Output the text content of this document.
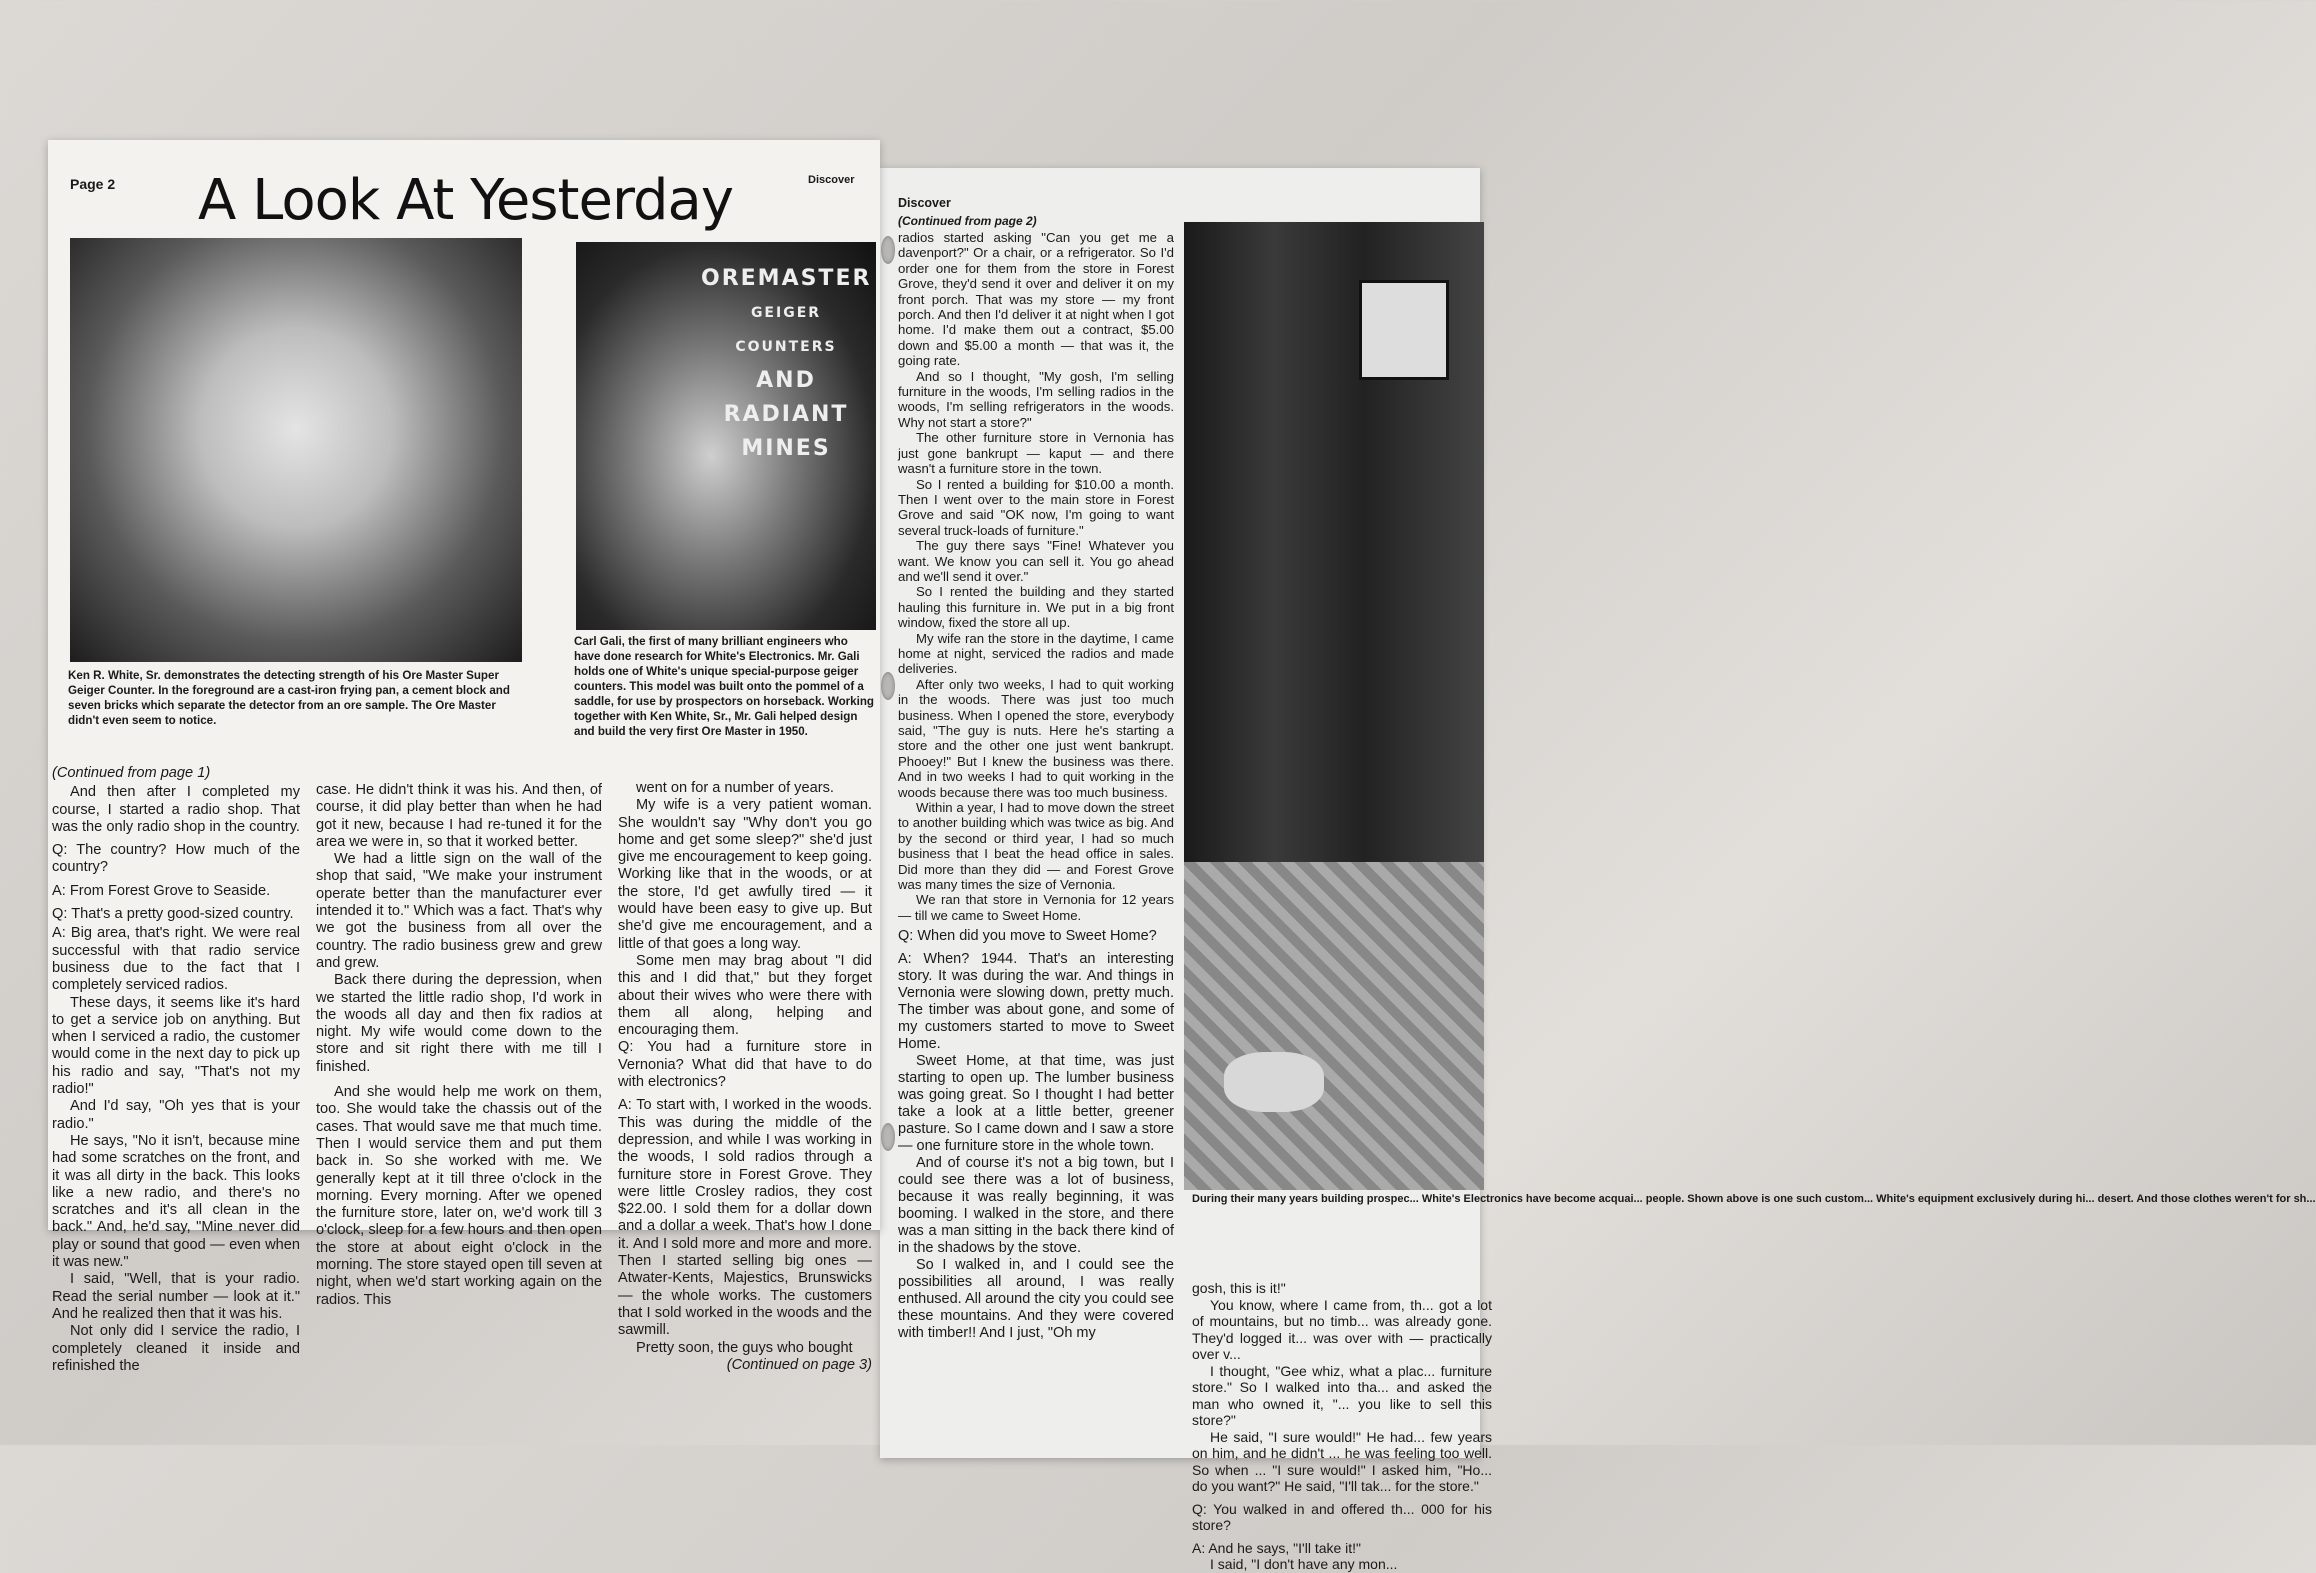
Page 2	Discover
A Look At Yesterday
OREMASTER
GEIGER COUNTERS
AND
RADIANT
MINES
Ken R. White, Sr. demonstrates the detecting strength of his Ore Master Super Geiger Counter. In the foreground are a cast-iron frying pan, a cement block and seven bricks which separate the detector from an ore sample. The Ore Master didn't even seem to notice.
Carl Gali, the first of many brilliant engineers who have done research for White's Electronics. Mr. Gali holds one of White's unique special-purpose geiger counters. This model was built onto the pommel of a saddle, for use by prospectors on horseback. Working together with Ken White, Sr., Mr. Gali helped design and build the very first Ore Master in 1950.
(Continued from page 1)

And then after I completed my course, I started a radio shop. That was the only radio shop in the country.

Q: The country? How much of the country?

A: From Forest Grove to Seaside.

Q: That's a pretty good-sized country.

A: Big area, that's right. We were real successful with that radio service business due to the fact that I completely serviced radios.

These days, it seems like it's hard to get a service job on anything. But when I serviced a radio, the customer would come in the next day to pick up his radio and say, "That's not my radio!"

And I'd say, "Oh yes that is your radio."

He says, "No it isn't, because mine had some scratches on the front, and it was all dirty in the back. This looks like a new radio, and there's no scratches and it's all clean in the back." And, he'd say, "Mine never did play or sound that good — even when it was new."

I said, "Well, that is your radio. Read the serial number — look at it." And he realized then that it was his.

Not only did I service the radio, I completely cleaned it inside and refinished the

case. He didn't think it was his. And then, of course, it did play better than when he had got it new, because I had re-tuned it for the area we were in, so that it worked better.

We had a little sign on the wall of the shop that said, "We make your instrument operate better than the manufacturer ever intended it to." Which was a fact. That's why we got the business from all over the country. The radio business grew and grew and grew.

Back there during the depression, when we started the little radio shop, I'd work in the woods all day and then fix radios at night. My wife would come down to the store and sit right there with me till I finished.

And she would help me work on them, too. She would take the chassis out of the cases. That would save me that much time. Then I would service them and put them back in. So she worked with me. We generally kept at it till three o'clock in the morning. Every morning. After we opened the furniture store, later on, we'd work till 3 o'clock, sleep for a few hours and then open the store at about eight o'clock in the morning. The store stayed open till seven at night, when we'd start working again on the radios. This

went on for a number of years.

My wife is a very patient woman. She wouldn't say "Why don't you go home and get some sleep?" she'd just give me encouragement to keep going. Working like that in the woods, or at the store, I'd get awfully tired — it would have been easy to give up. But she'd give me encouragement, and a little of that goes a long way.

Some men may brag about "I did this and I did that," but they forget about their wives who were there with them all along, helping and encouraging them.

Q: You had a furniture store in Vernonia? What did that have to do with electronics?

A: To start with, I worked in the woods. This was during the middle of the depression, and while I was working in the woods, I sold radios through a furniture store in Forest Grove. They were little Crosley radios, they cost $22.00. I sold them for a dollar down and a dollar a week. That's how I done it. And I sold more and more and more. Then I started selling big ones — Atwater-Kents, Majestics, Brunswicks — the whole works. The customers that I sold worked in the woods and the sawmill.

Pretty soon, the guys who bought

(Continued on page 3)
Discover
(Continued from page 2)

radios started asking "Can you get me a davenport?" Or a chair, or a refrigerator. So I'd order one for them from the store in Forest Grove, they'd send it over and deliver it on my front porch. That was my store — my front porch. And then I'd deliver it at night when I got home. I'd make them out a contract, $5.00 down and $5.00 a month — that was it, the going rate.

And so I thought, "My gosh, I'm selling furniture in the woods, I'm selling radios in the woods, I'm selling refrigerators in the woods. Why not start a store?"

The other furniture store in Vernonia has just gone bankrupt — kaput — and there wasn't a furniture store in the town.

So I rented a building for $10.00 a month. Then I went over to the main store in Forest Grove and said "OK now, I'm going to want several truck-loads of furniture."

The guy there says "Fine! Whatever you want. We know you can sell it. You go ahead and we'll send it over."

So I rented the building and they started hauling this furniture in. We put in a big front window, fixed the store all up.

My wife ran the store in the daytime, I came home at night, serviced the radios and made deliveries.

After only two weeks, I had to quit working in the woods. There was just too much business. When I opened the store, everybody said, "The guy is nuts. Here he's starting a store and the other one just went bankrupt. Phooey!" But I knew the business was there. And in two weeks I had to quit working in the woods because there was too much business.

Within a year, I had to move down the street to another building which was twice as big. And by the second or third year, I had so much business that I beat the head office in sales. Did more than they did — and Forest Grove was many times the size of Vernonia.

We ran that store in Vernonia for 12 years — till we came to Sweet Home.

Q: When did you move to Sweet Home?

A: When? 1944. That's an interesting story. It was during the war. And things in Vernonia were slowing down, pretty much. The timber was about gone, and some of my customers started to move to Sweet Home.

Sweet Home, at that time, was just starting to open up. The lumber business was going great. So I thought I had better take a look at a little better, greener pasture. So I came down and I saw a store — one furniture store in the whole town.

And of course it's not a big town, but I could see there was a lot of business, because it was really beginning, it was booming. I walked in the store, and there was a man sitting in the back there kind of in the shadows by the stove.

So I walked in, and I could see the possibilities all around, I was really enthused. All around the city you could see these mountains. And they were covered with timber!! And I just, "Oh my

During their many years building prospec... White's Electronics have become acquai... people. Shown above is one such custom... White's equipment exclusively during hi... desert. And those clothes weren't for sh...

gosh, this is it!"

You know, where I came from, th... got a lot of mountains, but no timb... was already gone. They'd logged it... was over with — practically over v...

I thought, "Gee whiz, what a plac... furniture store." So I walked into tha... and asked the man who owned it, "... you like to sell this store?"

He said, "I sure would!" He had... few years on him, and he didn't ... he was feeling too well. So when ... "I sure would!" I asked him, "Ho... do you want?" He said, "I'll tak... for the store."

Q: You walked in and offered th... 000 for his store?

A: And he says, "I'll take it!"

I said, "I don't have any mon...
